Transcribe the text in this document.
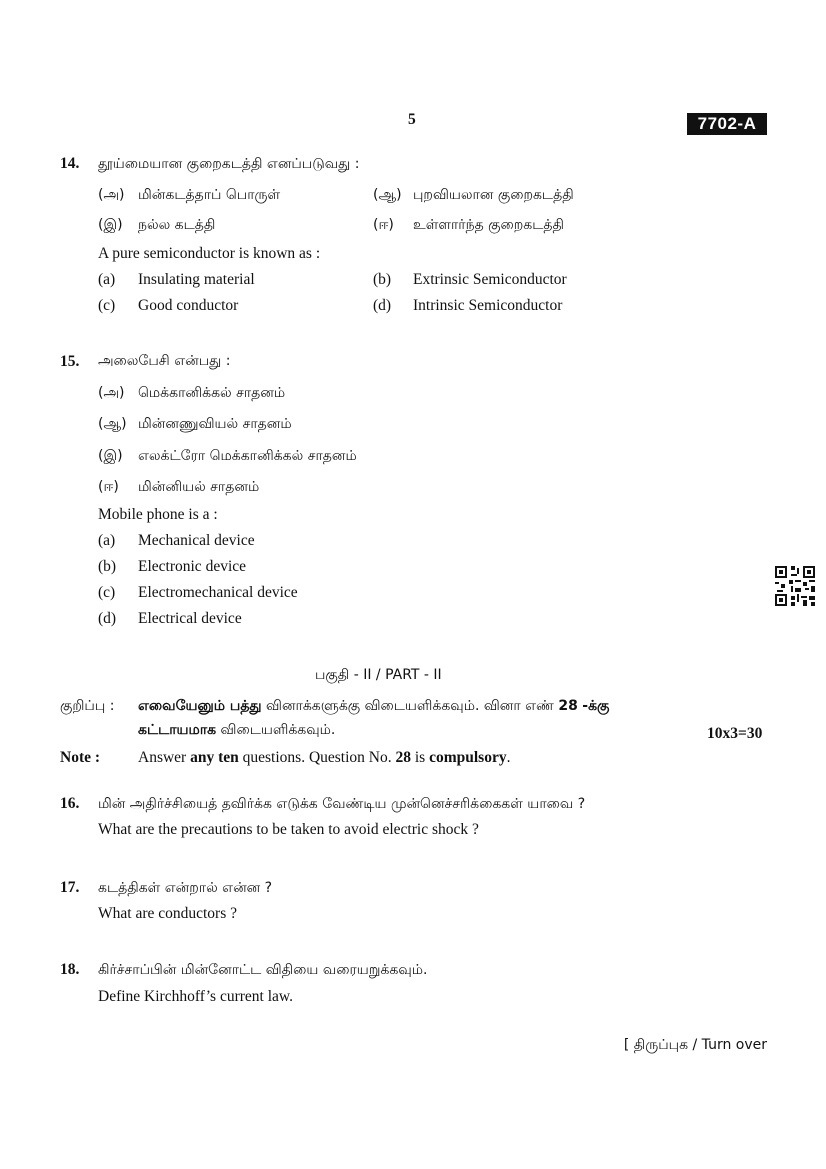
5	7702-A
14. தூய்மையான குறைகடத்தி எனப்படுவது :
(அ) மின்கடத்தாப் பொருள்	(ஆ) புறவியலான குறைகடத்தி
(இ) நல்ல கடத்தி	(ஈ) உள்ளார்ந்த குறைகடத்தி
A pure semiconductor is known as :
(a) Insulating material	(b) Extrinsic Semiconductor
(c) Good conductor	(d) Intrinsic Semiconductor
15. அலைபேசி என்பது :
(அ) மெக்கானிக்கல் சாதனம்
(ஆ) மின்னணுவியல் சாதனம்
(இ) எலக்ட்ரோ மெக்கானிக்கல் சாதனம்
(ஈ) மின்னியல் சாதனம்
Mobile phone is a :
(a) Mechanical device
(b) Electronic device
(c) Electromechanical device
(d) Electrical device
பகுதி - II / PART - II
குறிப்பு : எவையேனும் பத்து வினாக்களுக்கு விடையளிக்கவும். வினா எண் 28 -க்கு
கட்டாயமாக விடையளிக்கவும்.	10x3=30
Note : Answer any ten questions. Question No. 28 is compulsory.
16. மின் அதிர்ச்சியைத் தவிர்க்க எடுக்க வேண்டிய முன்னெச்சரிக்கைகள் யாவை ?
What are the precautions to be taken to avoid electric shock ?
17. கடத்திகள் என்றால் என்ன ?
What are conductors ?
18. கிர்ச்சாப்பின் மின்னோட்ட விதியை வரையறுக்கவும்.
Define Kirchhoff’s current law.
[ திருப்புக / Turn over
